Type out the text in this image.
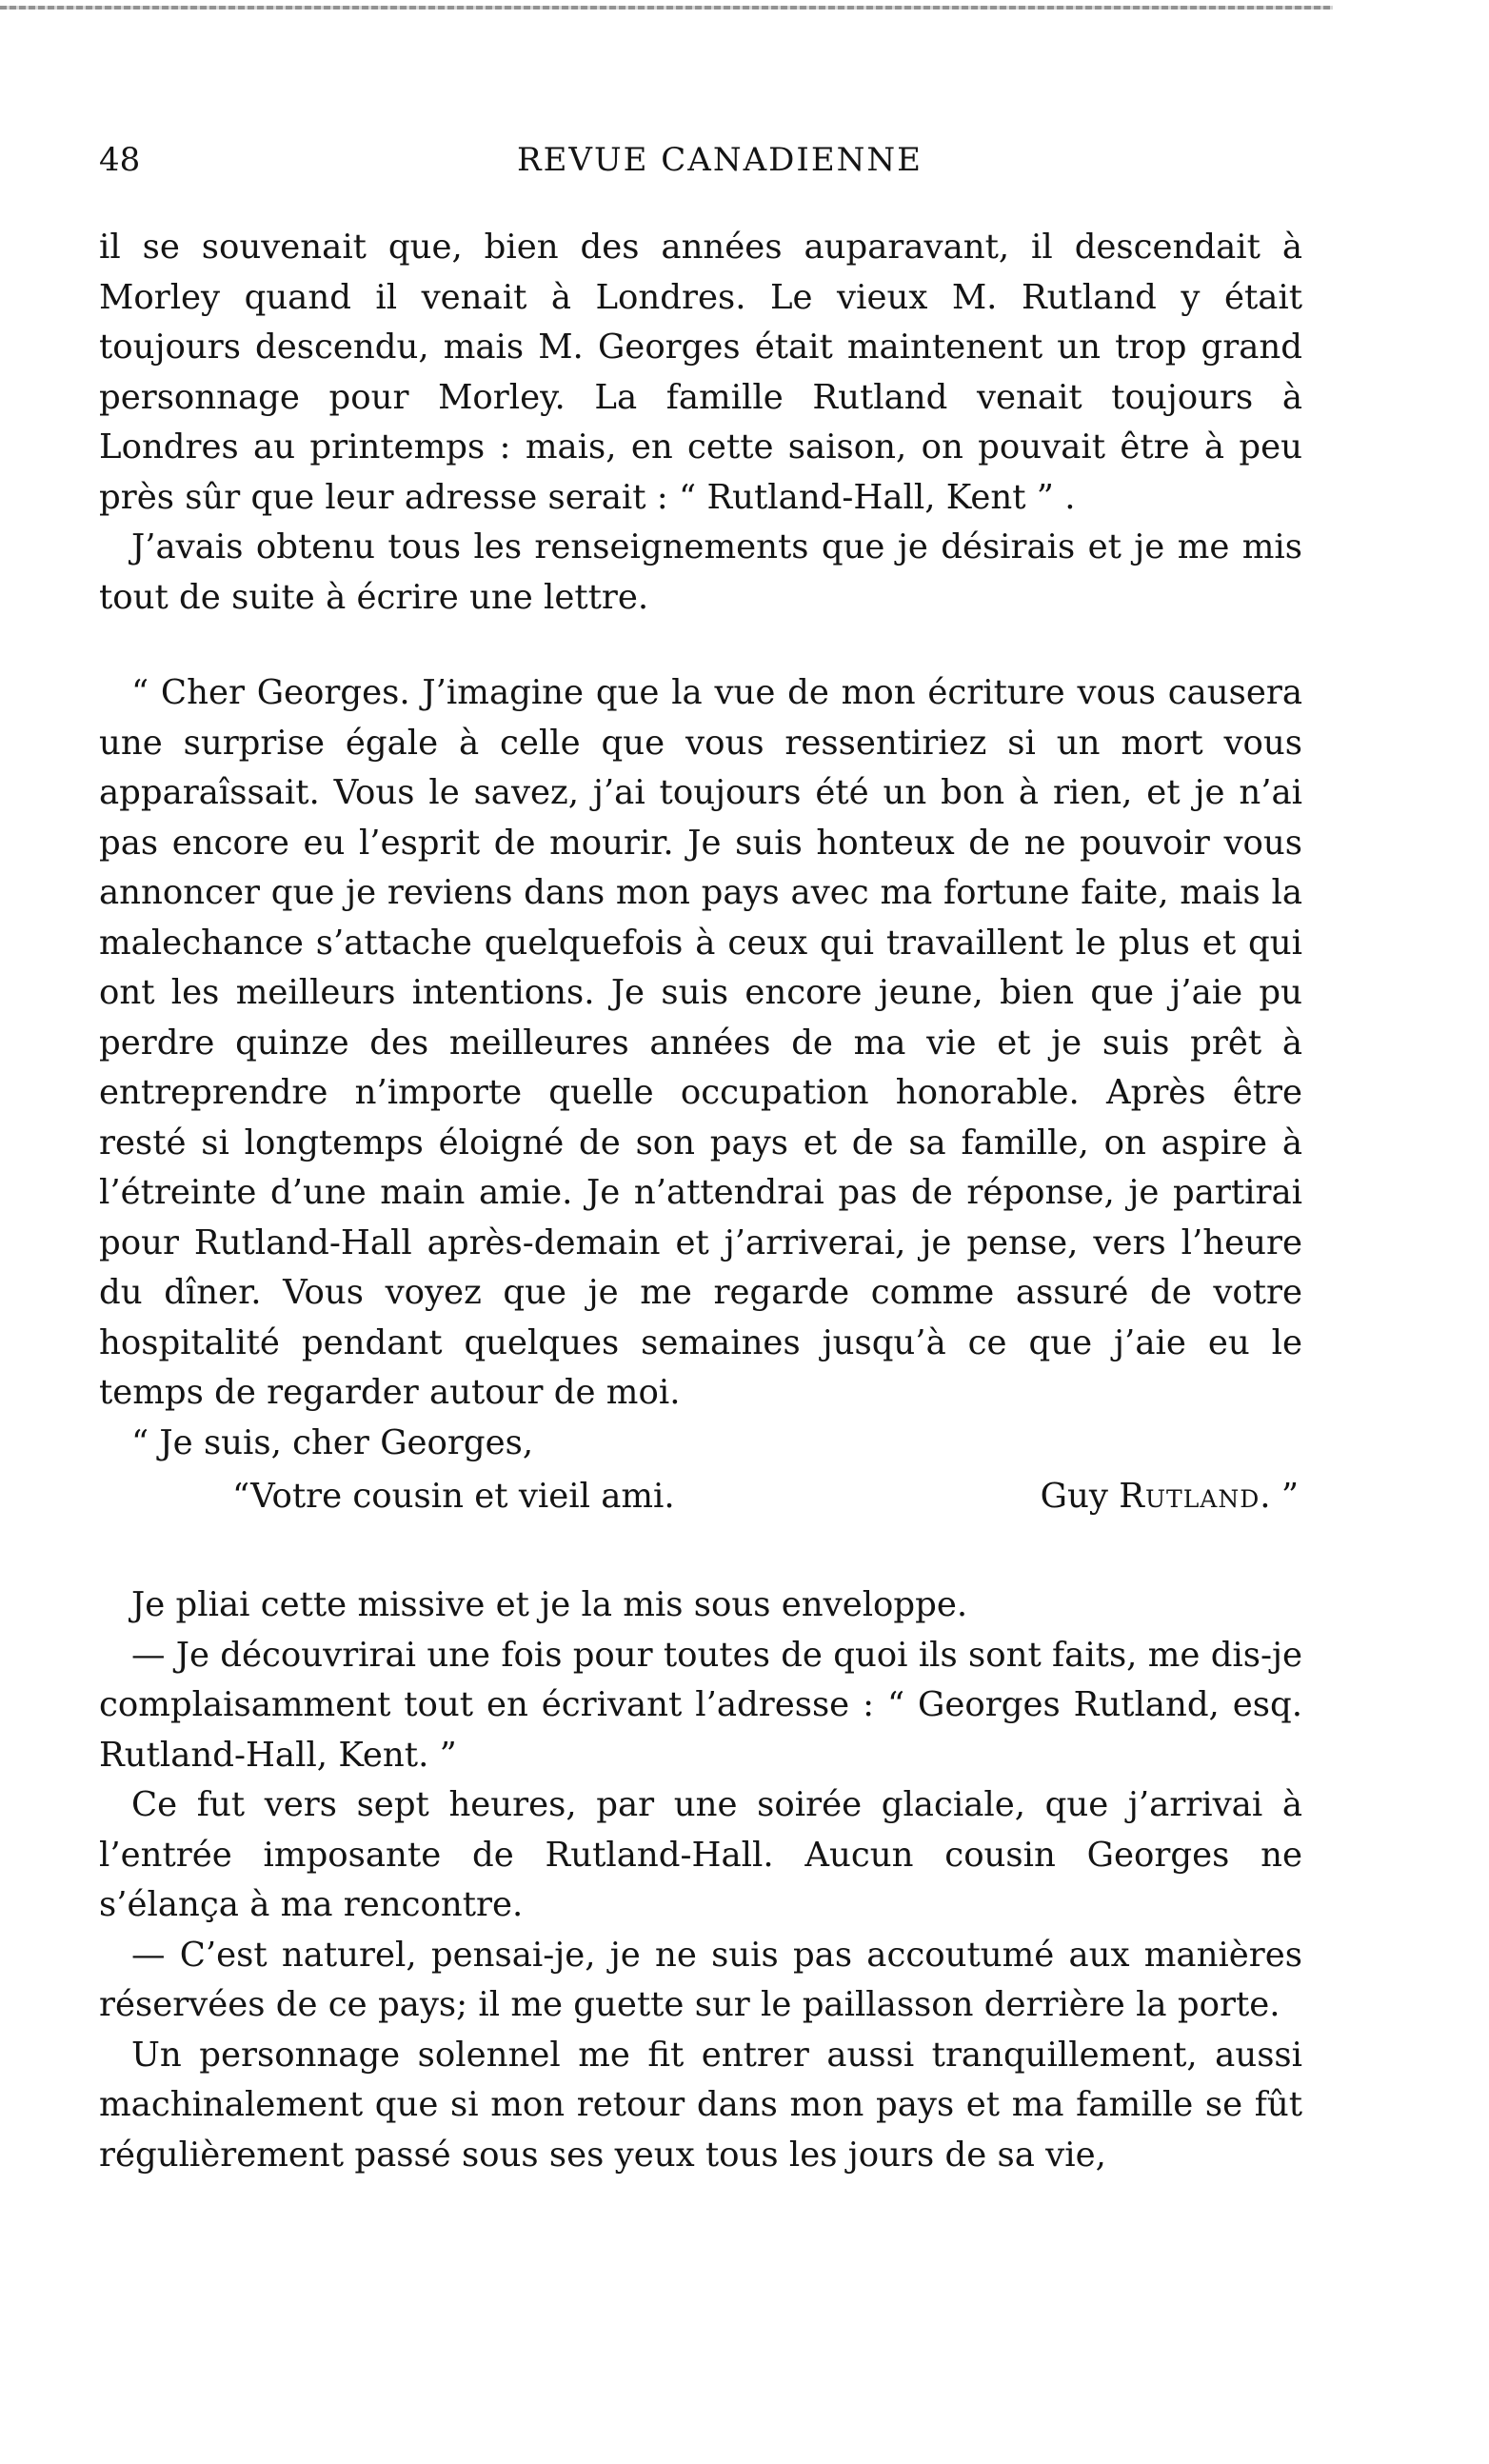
48	REVUE CANADIENNE

il se souvenait que, bien des années auparavant, il descendait à Morley quand il venait à Londres. Le vieux M. Rutland y était toujours descendu, mais M. Georges était maintenent un trop grand personnage pour Morley. La famille Rutland venait toujours à Londres au printemps : mais, en cette saison, on pouvait être à peu près sûr que leur adresse serait : “ Rutland-Hall, Kent ” .

J’avais obtenu tous les renseignements que je désirais et je me mis tout de suite à écrire une lettre.

“ Cher Georges. J’imagine que la vue de mon écriture vous causera une surprise égale à celle que vous ressentiriez si un mort vous apparaîssait. Vous le savez, j’ai toujours été un bon à rien, et je n’ai pas encore eu l’esprit de mourir. Je suis honteux de ne pouvoir vous annoncer que je reviens dans mon pays avec ma fortune faite, mais la malechance s’attache quelquefois à ceux qui travaillent le plus et qui ont les meilleurs intentions. Je suis encore jeune, bien que j’aie pu perdre quinze des meilleures années de ma vie et je suis prêt à entreprendre n’importe quelle occupation honorable. Après être resté si longtemps éloigné de son pays et de sa famille, on aspire à l’étreinte d’une main amie. Je n’attendrai pas de réponse, je partirai pour Rutland-Hall après-demain et j’arriverai, je pense, vers l’heure du dîner. Vous voyez que je me regarde comme assuré de votre hospitalité pendant quelques semaines jusqu’à ce que j’aie eu le temps de regarder autour de moi.

“ Je suis, cher Georges,

“Votre cousin et vieil ami.	Guy Rutland. ”

Je pliai cette missive et je la mis sous enveloppe.

— Je découvrirai une fois pour toutes de quoi ils sont faits, me dis-je complaisamment tout en écrivant l’adresse : “ Georges Rutland, esq. Rutland-Hall, Kent. ”

Ce fut vers sept heures, par une soirée glaciale, que j’arrivai à l’entrée imposante de Rutland-Hall. Aucun cousin Georges ne s’élança à ma rencontre.

— C’est naturel, pensai-je, je ne suis pas accoutumé aux manières réservées de ce pays; il me guette sur le paillasson derrière la porte.

Un personnage solennel me fit entrer aussi tranquillement, aussi machinalement que si mon retour dans mon pays et ma famille se fût régulièrement passé sous ses yeux tous les jours de sa vie,
